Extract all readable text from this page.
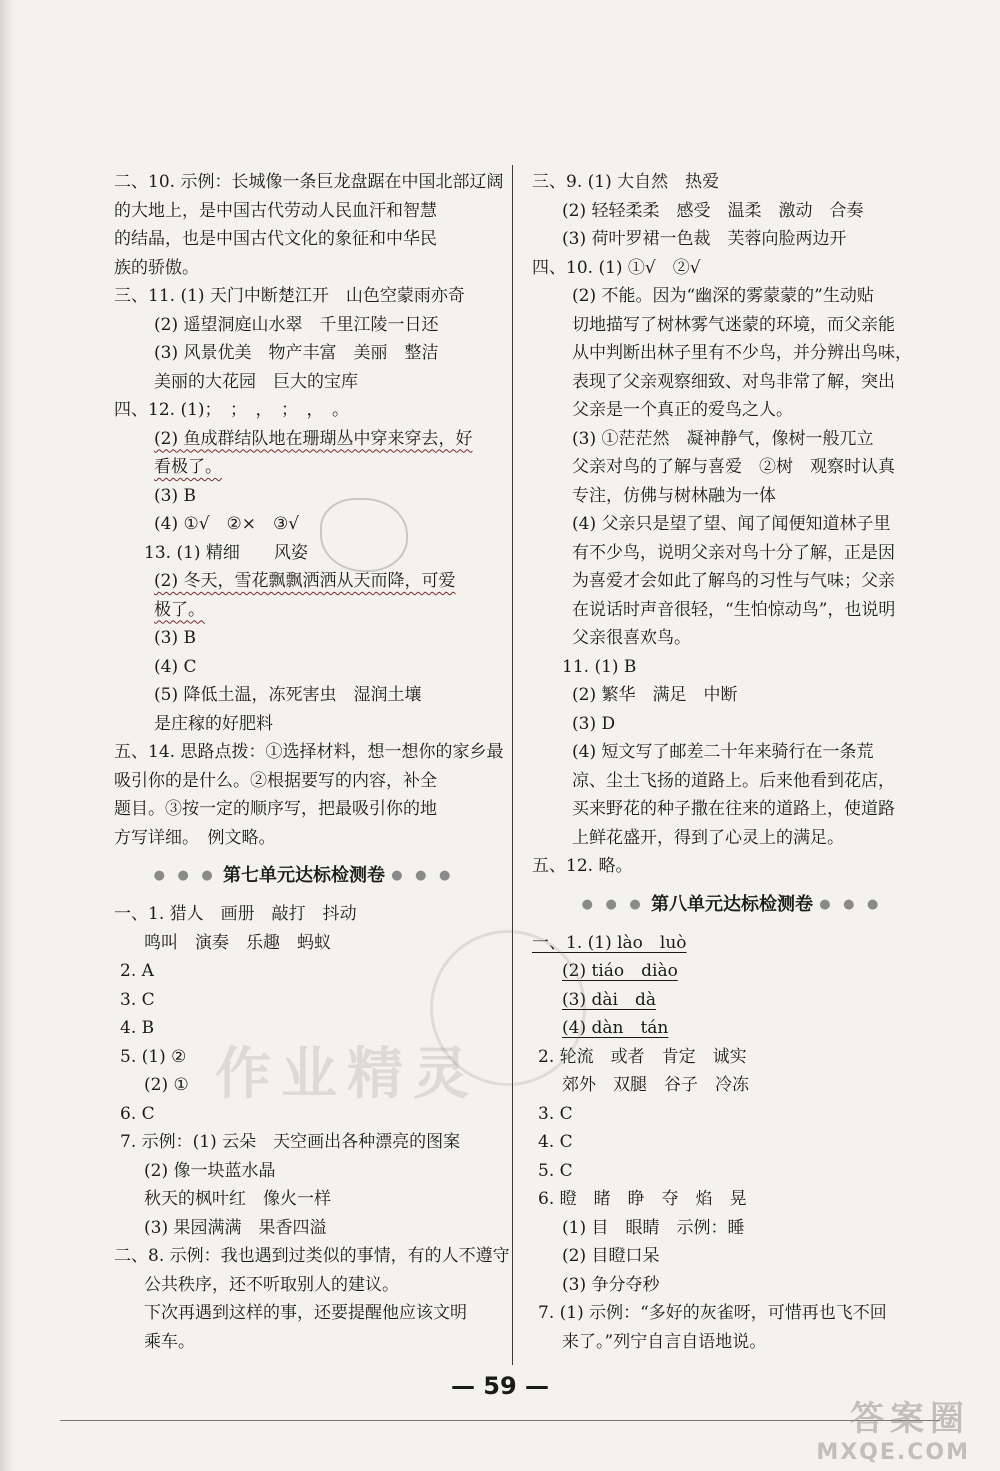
二、10. 示例：长城像一条巨龙盘踞在中国北部辽阔
的大地上，是中国古代劳动人民血汗和智慧
的结晶，也是中国古代文化的象征和中华民
族的骄傲。
三、11. (1) 天门中断楚江开　山色空蒙雨亦奇
(2) 遥望洞庭山水翠　千里江陵一日还
(3) 风景优美　物产丰富　美丽　整洁
美丽的大花园　巨大的宝库
四、12. (1)；　；　，　；　，　。
(2) 鱼成群结队地在珊瑚丛中穿来穿去，好
看极了。
(3) B
(4) ①√　②×　③√
13. (1) 精细　　风姿
(2) 冬天，雪花飘飘洒洒从天而降，可爱
极了。
(3) B
(4) C
(5) 降低土温，冻死害虫　湿润土壤
是庄稼的好肥料
五、14. 思路点拨：①选择材料，想一想你的家乡最
吸引你的是什么。②根据要写的内容，补全
题目。③按一定的顺序写，把最吸引你的地
方写详细。　例文略。
● ● ● 第七单元达标检测卷 ● ● ●
一、1. 猎人　画册　敲打　抖动
鸣叫　演奏　乐趣　蚂蚁
2. A
3. C
4. B
5. (1) ②
(2) ①
6. C
7. 示例：(1) 云朵　天空画出各种漂亮的图案
(2) 像一块蓝水晶
秋天的枫叶红　像火一样
(3) 果园满满　果香四溢
二、8. 示例：我也遇到过类似的事情，有的人不遵守
公共秩序，还不听取别人的建议。
下次再遇到这样的事，还要提醒他应该文明
乘车。
三、9. (1) 大自然　热爱
(2) 轻轻柔柔　感受　温柔　激动　合奏
(3) 荷叶罗裙一色裁　芙蓉向脸两边开
四、10. (1) ①√　②√
(2) 不能。因为“幽深的雾蒙蒙的”生动贴
切地描写了树林雾气迷蒙的环境，而父亲能
从中判断出林子里有不少鸟，并分辨出鸟味，
表现了父亲观察细致、对鸟非常了解，突出
父亲是一个真正的爱鸟之人。
(3) ①茫茫然　凝神静气，像树一般兀立
父亲对鸟的了解与喜爱　②树　观察时认真
专注，仿佛与树林融为一体
(4) 父亲只是望了望、闻了闻便知道林子里
有不少鸟，说明父亲对鸟十分了解，正是因
为喜爱才会如此了解鸟的习性与气味；父亲
在说话时声音很轻，“生怕惊动鸟”，也说明
父亲很喜欢鸟。
11. (1) B
(2) 繁华　满足　中断
(3) D
(4) 短文写了邮差二十年来骑行在一条荒
凉、尘土飞扬的道路上。后来他看到花店，
买来野花的种子撒在往来的道路上，使道路
上鲜花盛开，得到了心灵上的满足。
五、12. 略。
● ● ● 第八单元达标检测卷 ● ● ●
一、1. (1) lào　luò
(2) tiáo　diào
(3) dài　dà
(4) dàn　tán
2. 轮流　或者　肯定　诚实
郊外　双腿　谷子　冷冻
3. C
4. C
5. C
6. 瞪　睹　睁　夺　焰　晃
(1) 目　眼睛　示例：睡
(2) 目瞪口呆
(3) 争分夺秒
7. (1) 示例：“多好的灰雀呀，可惜再也飞不回
来了。”列宁自言自语地说。
作业精灵
— 59 —
答案圈
MXQE.COM
